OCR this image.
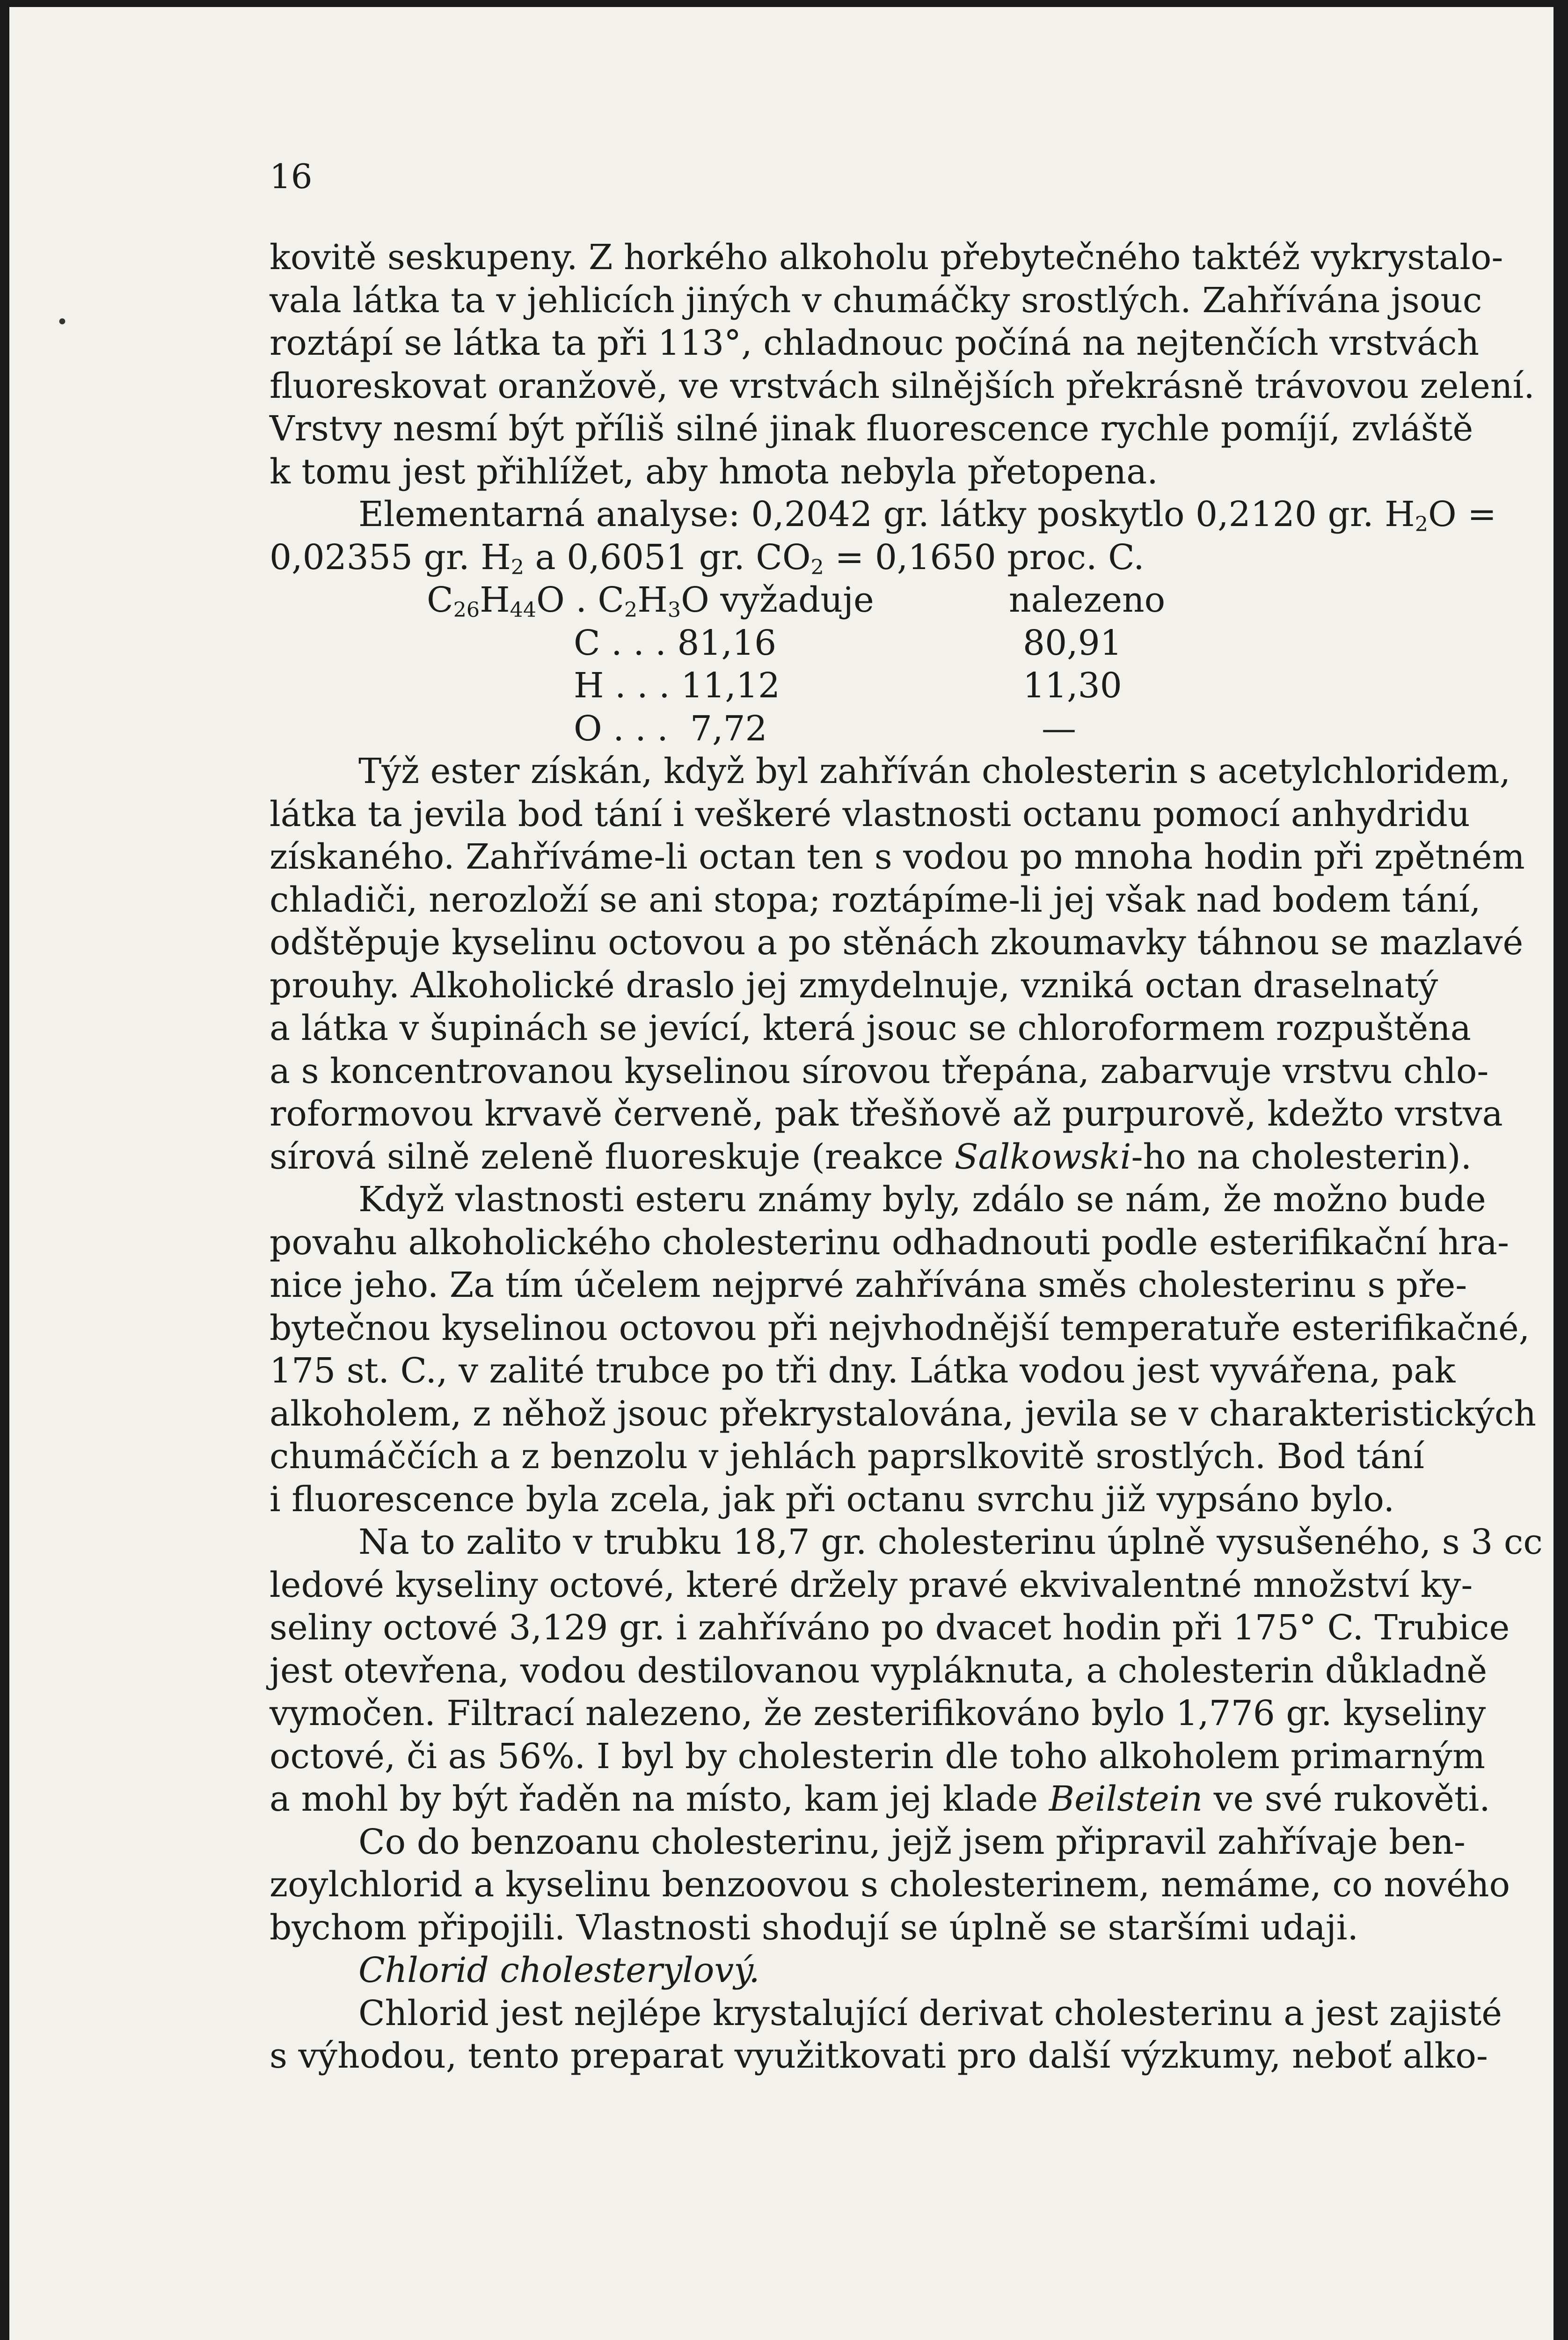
•
16
kovitě seskupeny. Z horkého alkoholu přebytečného taktéž vykrystalo-
vala látka ta v jehlicích jiných v chumáčky srostlých. Zahřívána jsouc
roztápí se látka ta při 113°, chladnouc počíná na nejtenčích vrstvách
fluoreskovat oranžově, ve vrstvách silnějších překrásně trávovou zelení.
Vrstvy nesmí být příliš silné jinak fluorescence rychle pomíjí, zvláště
k tomu jest přihlížet, aby hmota nebyla přetopena.
Elementarná analyse: 0,2042 gr. látky poskytlo 0,2120 gr. $H_2O$ =
0,02355 gr. $H_2$ a 0,6051 gr. $CO_2 = 0,1650$ proc. C.
$C_{26}H_{44}O$ . $C_2H_3O$ vyžaduje	nalezeno
C . . . 81,16	80,91
H . . . 11,12	11,30
O . . . 7,72	—
Týž ester získán, když byl zahříván cholesterin s acetylchloridem,
látka ta jevila bod tání i veškeré vlastnosti octanu pomocí anhydridu
získaného. Zahříváme-li octan ten s vodou po mnoha hodin při zpětném
chladiči, nerozloží se ani stopa; roztápíme-li jej však nad bodem tání,
odštěpuje kyselinu octovou a po stěnách zkoumavky táhnou se mazlavé
prouhy. Alkoholické draslo jej zmydelnuje, vzniká octan draselnatý
a látka v šupinách se jevící, která jsouc se chloroformem rozpuštěna
a s koncentrovanou kyselinou sírovou třepána, zabarvuje vrstvu chlo-
roformovou krvavě červeně, pak třešňově až purpurově, kdežto vrstva
sírová silně zeleně fluoreskuje (reakce Salkowski-ho na cholesterin).
Když vlastnosti esteru známy byly, zdálo se nám, že možno bude
povahu alkoholického cholesterinu odhadnouti podle esterifikační hra-
nice jeho. Za tím účelem nejprvé zahřívána směs cholesterinu s pře-
bytečnou kyselinou octovou při nejvhodnější temperatuře esterifikačné,
175 st. C., v zalité trubce po tři dny. Látka vodou jest vyvářena, pak
alkoholem, z něhož jsouc překrystalována, jevila se v charakteristických
chumáččích a z benzolu v jehlách paprslkovitě srostlých. Bod tání
i fluorescence byla zcela, jak při octanu svrchu již vypsáno bylo.
Na to zalito v trubku 18,7 gr. cholesterinu úplně vysušeného, s 3 cc
ledové kyseliny octové, které držely pravé ekvivalentné množství ky-
seliny octové 3,129 gr. i zahříváno po dvacet hodin při 175° C. Trubice
jest otevřena, vodou destilovanou vypláknuta, a cholesterin důkladně
vymočen. Filtrací nalezeno, že zesterifikováno bylo 1,776 gr. kyseliny
octové, či as 56%. I byl by cholesterin dle toho alkoholem primarným
a mohl by být řaděn na místo, kam jej klade Beilstein ve své rukověti.
Co do benzoanu cholesterinu, jejž jsem připravil zahřívaje ben-
zoylchlorid a kyselinu benzoovou s cholesterinem, nemáme, co nového
bychom připojili. Vlastnosti shodují se úplně se staršími udaji.
Chlorid cholesterylový.
Chlorid jest nejlépe krystalující derivat cholesterinu a jest zajisté
s výhodou, tento preparat využitkovati pro další výzkumy, neboť alko-
